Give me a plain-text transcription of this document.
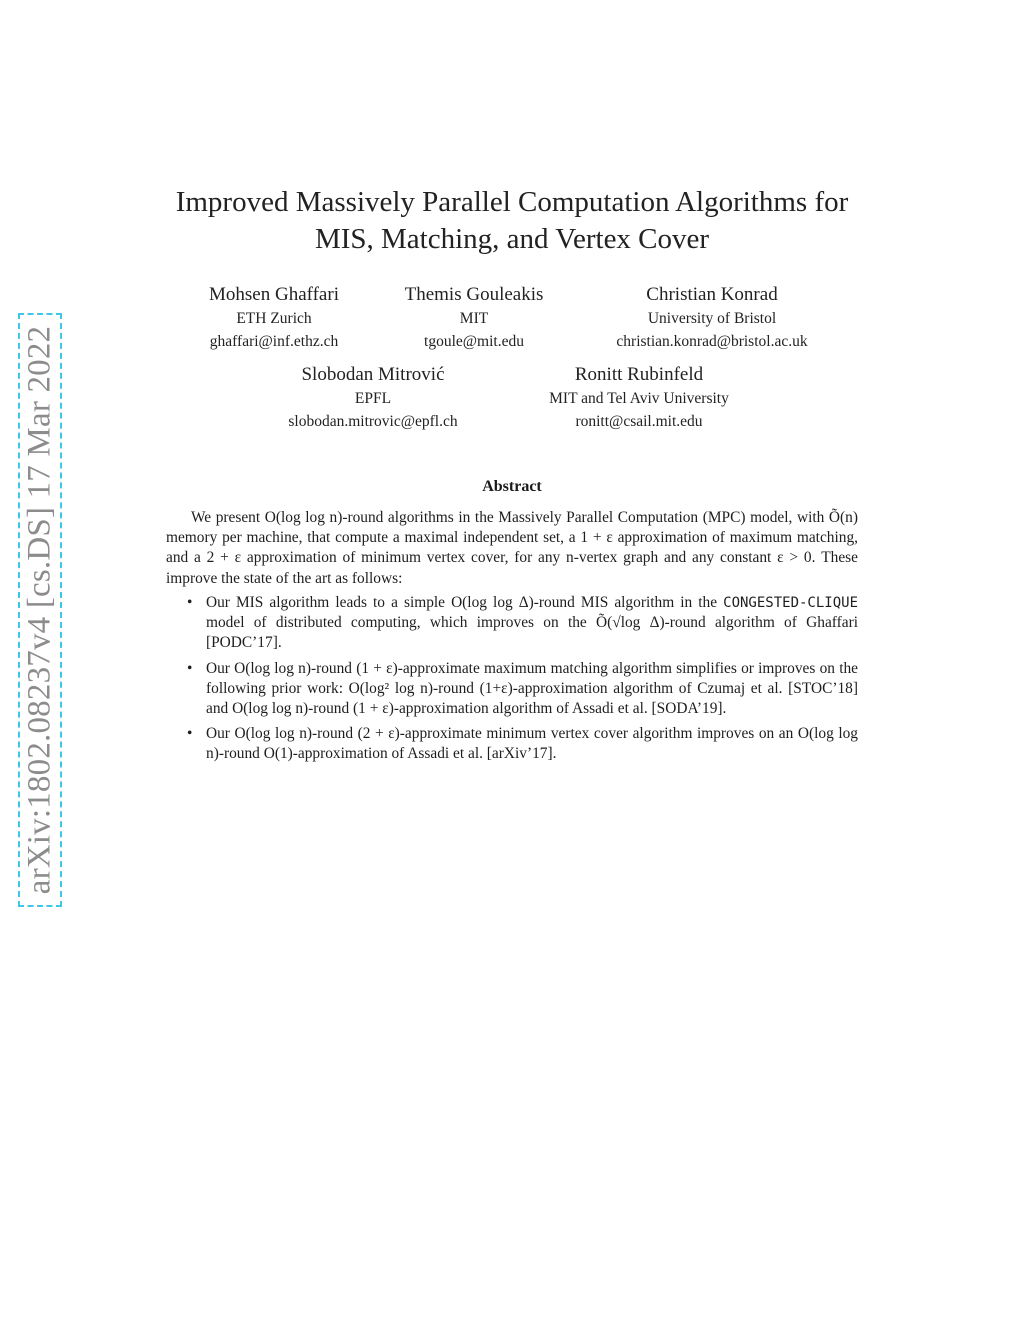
arXiv:1802.08237v4 [cs.DS] 17 Mar 2022
Improved Massively Parallel Computation Algorithms for
MIS, Matching, and Vertex Cover
Mohsen Ghaffari
ETH Zurich
ghaffari@inf.ethz.ch
Themis Gouleakis
MIT
tgoule@mit.edu
Christian Konrad
University of Bristol
christian.konrad@bristol.ac.uk
Slobodan Mitrović
EPFL
slobodan.mitrovic@epfl.ch
Ronitt Rubinfeld
MIT and Tel Aviv University
ronitt@csail.mit.edu
Abstract
We present O(log log n)-round algorithms in the Massively Parallel Computation (MPC) model, with Õ(n) memory per machine, that compute a maximal independent set, a 1 + ε approximation of maximum matching, and a 2 + ε approximation of minimum vertex cover, for any n-vertex graph and any constant ε > 0. These improve the state of the art as follows:
• Our MIS algorithm leads to a simple O(log log Δ)-round MIS algorithm in the CONGESTED-CLIQUE model of distributed computing, which improves on the Õ(√log Δ)-round algorithm of Ghaffari [PODC’17].
• Our O(log log n)-round (1 + ε)-approximate maximum matching algorithm simplifies or improves on the following prior work: O(log² log n)-round (1+ε)-approximation algorithm of Czumaj et al. [STOC’18] and O(log log n)-round (1 + ε)-approximation algorithm of Assadi et al. [SODA’19].
• Our O(log log n)-round (2 + ε)-approximate minimum vertex cover algorithm improves on an O(log log n)-round O(1)-approximation of Assadi et al. [arXiv’17].
